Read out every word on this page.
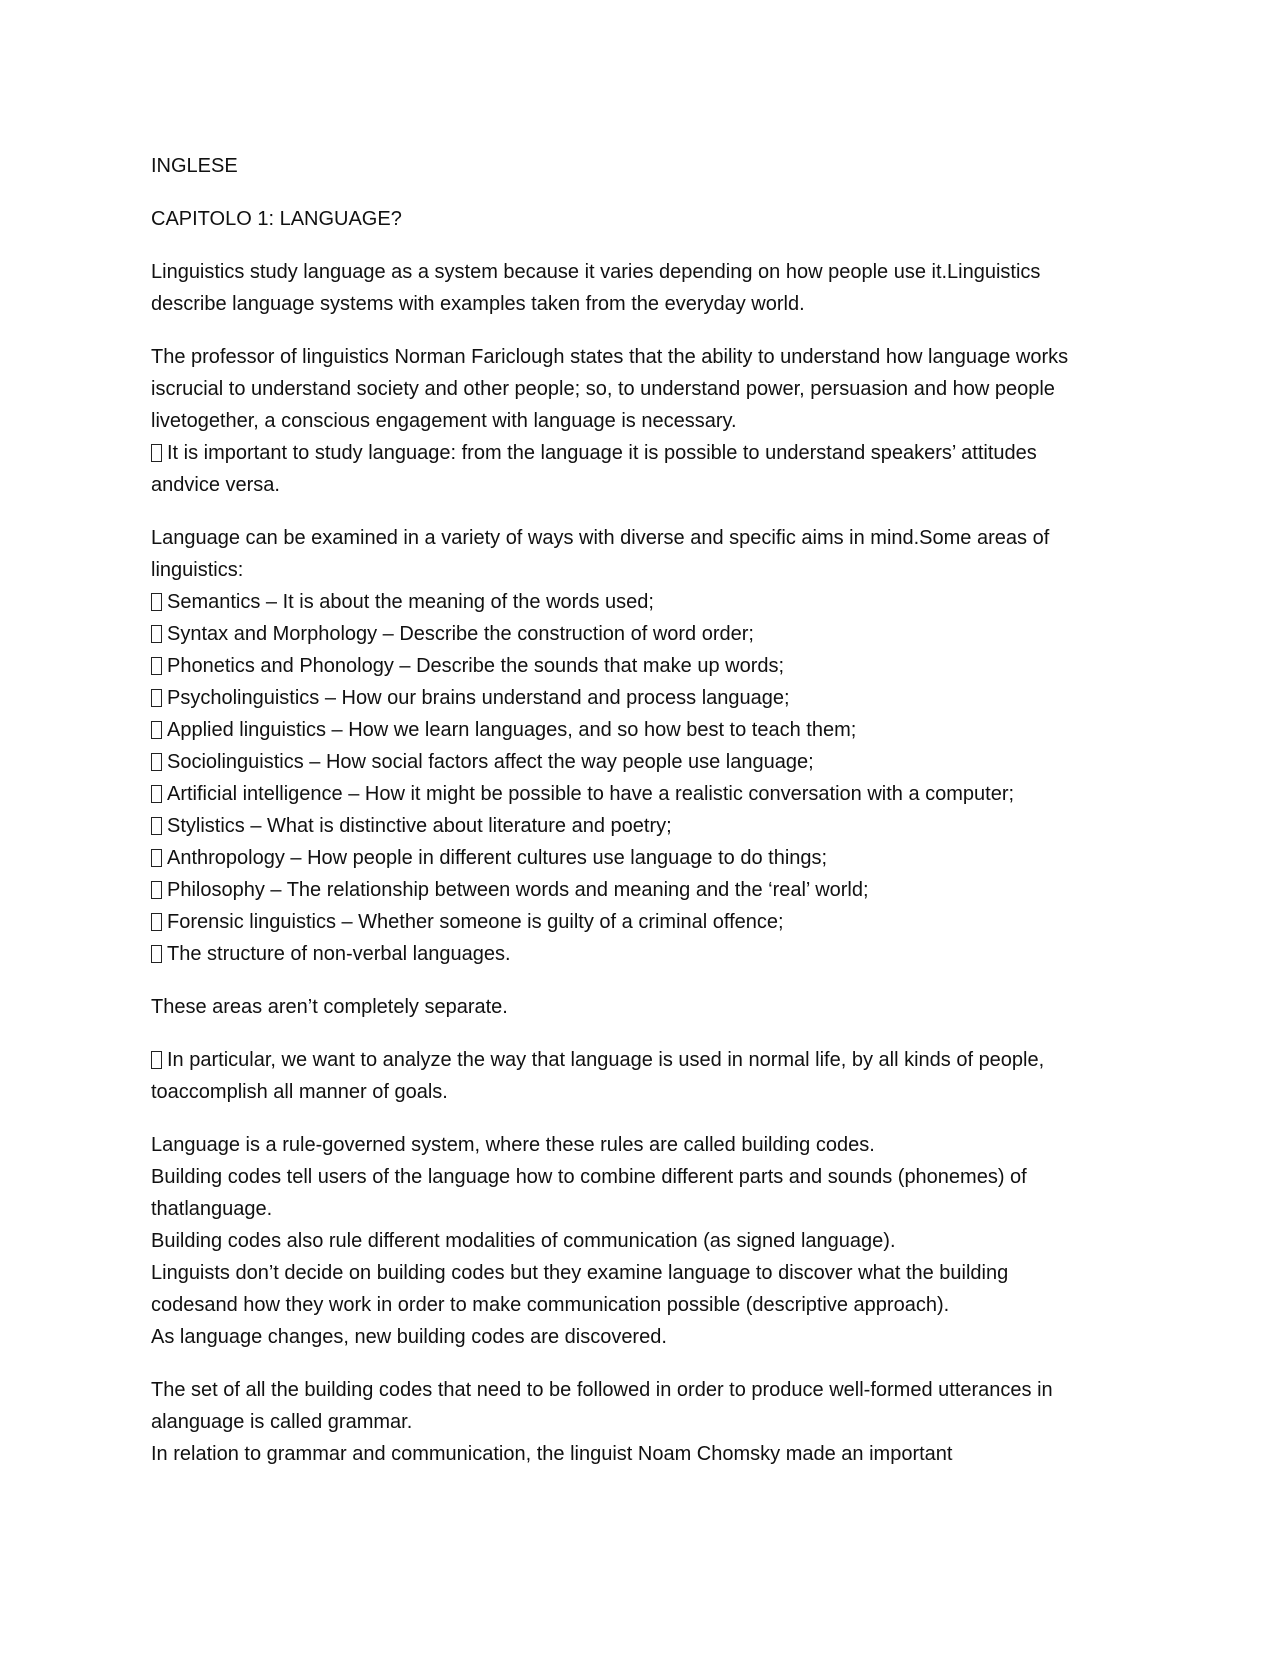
INGLESE

CAPITOLO 1: LANGUAGE?

Linguistics study language as a system because it varies depending on how people use it.Linguistics
describe language systems with examples taken from the everyday world.

The professor of linguistics Norman Fariclough states that the ability to understand how language works
iscrucial to understand society and other people; so, to understand power, persuasion and how people
livetogether, a conscious engagement with language is necessary.
It is important to study language: from the language it is possible to understand speakers’ attitudes
andvice versa.

Language can be examined in a variety of ways with diverse and specific aims in mind.Some areas of
linguistics:
Semantics – It is about the meaning of the words used;
Syntax and Morphology – Describe the construction of word order;
Phonetics and Phonology – Describe the sounds that make up words;
Psycholinguistics – How our brains understand and process language;
Applied linguistics – How we learn languages, and so how best to teach them;
Sociolinguistics – How social factors affect the way people use language;
Artificial intelligence – How it might be possible to have a realistic conversation with a computer;
Stylistics – What is distinctive about literature and poetry;
Anthropology – How people in different cultures use language to do things;
Philosophy – The relationship between words and meaning and the ‘real’ world;
Forensic linguistics – Whether someone is guilty of a criminal offence;
The structure of non-verbal languages.

These areas aren’t completely separate.

In particular, we want to analyze the way that language is used in normal life, by all kinds of people,
toaccomplish all manner of goals.

Language is a rule-governed system, where these rules are called building codes.
Building codes tell users of the language how to combine different parts and sounds (phonemes) of
thatlanguage.
Building codes also rule different modalities of communication (as signed language).
Linguists don’t decide on building codes but they examine language to discover what the building
codesand how they work in order to make communication possible (descriptive approach).
As language changes, new building codes are discovered.

The set of all the building codes that need to be followed in order to produce well-formed utterances in
alanguage is called grammar.
In relation to grammar and communication, the linguist Noam Chomsky made an important
